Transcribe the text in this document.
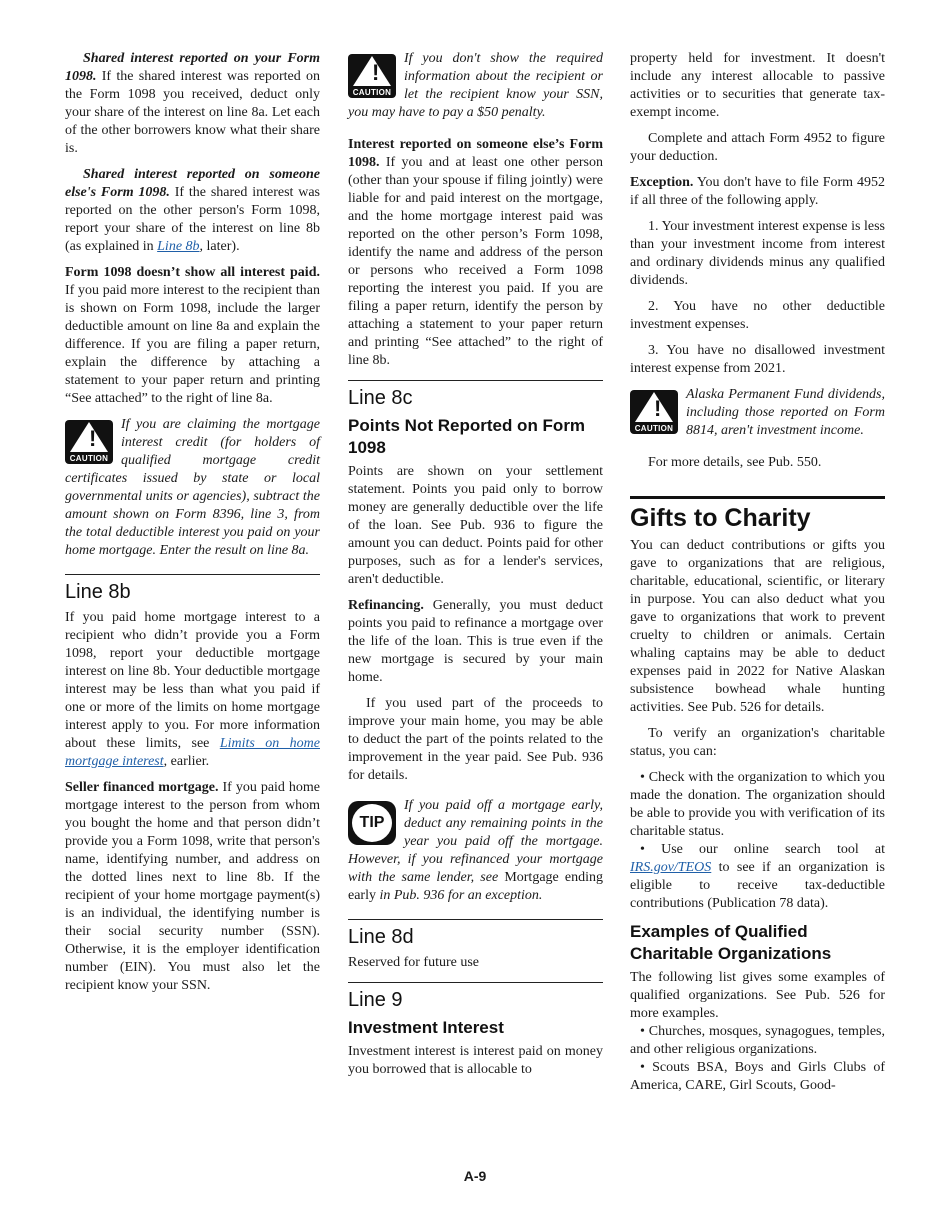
Shared interest reported on your Form 1098. If the shared interest was reported on the Form 1098 you received, deduct only your share of the interest on line 8a. Let each of the other borrowers know what their share is.

Shared interest reported on someone else's Form 1098. If the shared interest was reported on the other person's Form 1098, report your share of the interest on line 8b (as explained in Line 8b, later).

Form 1098 doesn’t show all interest paid. If you paid more interest to the recipient than is shown on Form 1098, include the larger deductible amount on line 8a and explain the difference. If you are filing a paper return, explain the difference by attaching a statement to your paper return and printing “See attached” to the right of line 8a.

!
CAUTION
If you are claiming the mortgage interest credit (for holders of qualified mortgage credit certificates issued by state or local governmental units or agencies), subtract the amount shown on Form 8396, line 3, from the total deductible interest you paid on your home mortgage. Enter the result on line 8a.
Line 8b

If you paid home mortgage interest to a recipient who didn’t provide you a Form 1098, report your deductible mortgage interest on line 8b. Your deductible mortgage interest may be less than what you paid if one or more of the limits on home mortgage interest apply to you. For more information about these limits, see Limits on home mortgage interest, earlier.

Seller financed mortgage. If you paid home mortgage interest to the person from whom you bought the home and that person didn’t provide you a Form 1098, write that person's name, identifying number, and address on the dotted lines next to line 8b. If the recipient of your home mortgage payment(s) is an individual, the identifying number is their social security number (SSN). Otherwise, it is the employer identification number (EIN). You must also let the recipient know your SSN.

!
CAUTION
If you don't show the required information about the recipient or let the recipient know your SSN, you may have to pay a $50 penalty.

Interest reported on someone else’s Form 1098. If you and at least one other person (other than your spouse if filing jointly) were liable for and paid interest on the mortgage, and the home mortgage interest paid was reported on the other person’s Form 1098, identify the name and address of the person or persons who received a Form 1098 reporting the interest you paid. If you are filing a paper return, identify the person by attaching a statement to your paper return and printing “See attached” to the right of line 8b.

Line 8c
Points Not Reported on Form 1098

Points are shown on your settlement statement. Points you paid only to borrow money are generally deductible over the life of the loan. See Pub. 936 to figure the amount you can deduct. Points paid for other purposes, such as for a lender's services, aren't deductible.

Refinancing. Generally, you must deduct points you paid to refinance a mortgage over the life of the loan. This is true even if the new mortgage is secured by your main home.

If you used part of the proceeds to improve your main home, you may be able to deduct the part of the points related to the improvement in the year paid. See Pub. 936 for details.

TIP
If you paid off a mortgage early, deduct any remaining points in the year you paid off the mortgage. However, if you refinanced your mortgage with the same lender, see Mortgage ending early in Pub. 936 for an exception.
Line 8d

Reserved for future use

Line 9
Investment Interest

Investment interest is interest paid on money you borrowed that is allocable to

property held for investment. It doesn't include any interest allocable to passive activities or to securities that generate tax-exempt income.

Complete and attach Form 4952 to figure your deduction.

Exception. You don't have to file Form 4952 if all three of the following apply.

1. Your investment interest expense is less than your investment income from interest and ordinary dividends minus any qualified dividends.

2. You have no other deductible investment expenses.

3. You have no disallowed investment interest expense from 2021.

!
CAUTION
Alaska Permanent Fund dividends, including those reported on Form 8814, aren't investment income.

For more details, see Pub. 550.

Gifts to Charity

You can deduct contributions or gifts you gave to organizations that are religious, charitable, educational, scientific, or literary in purpose. You can also deduct what you gave to organizations that work to prevent cruelty to children or animals. Certain whaling captains may be able to deduct expenses paid in 2022 for Native Alaskan subsistence bowhead whale hunting activities. See Pub. 526 for details.

To verify an organization's charitable status, you can:

• Check with the organization to which you made the donation. The organization should be able to provide you with verification of its charitable status.

• Use our online search tool at IRS.gov/TEOS to see if an organization is eligible to receive tax-deductible contributions (Publication 78 data).

Examples of Qualified Charitable Organizations

The following list gives some examples of qualified organizations. See Pub. 526 for more examples.

• Churches, mosques, synagogues, temples, and other religious organizations.

• Scouts BSA, Boys and Girls Clubs of America, CARE, Girl Scouts, Good-

A-9
